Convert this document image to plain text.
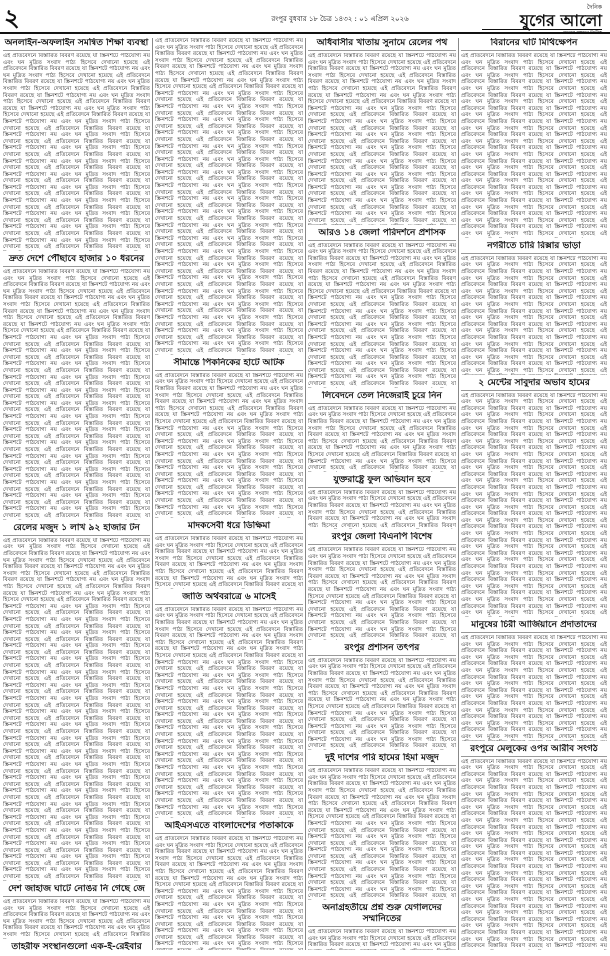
২	রংপুর বুধবার ১৮ চৈত্র ১৪৩২ : ০১ এপ্রিল ২০২৬
দৈনিক
যুগের আলো
সত্যের সন্ধানে নির্ভীক
অনলাইন-অফলাইন সমন্বিত শিক্ষা ব্যবস্থা
এই প্রতিবেদনে বিস্তারিত বিবরণ রয়েছে যা স্ক্রিনশটে পাঠযোগ্য নয় এবং ঘন মুদ্রিত সংবাদ পাঠ্য হিসেবে দেখানো হয়েছে এই প্রতিবেদনে বিস্তারিত বিবরণ রয়েছে যা স্ক্রিনশটে পাঠযোগ্য নয় এবং ঘন মুদ্রিত সংবাদ পাঠ্য হিসেবে দেখানো হয়েছে এই প্রতিবেদনে বিস্তারিত বিবরণ রয়েছে যা স্ক্রিনশটে পাঠযোগ্য নয় এবং ঘন মুদ্রিত সংবাদ পাঠ্য হিসেবে দেখানো হয়েছে এই প্রতিবেদনে বিস্তারিত বিবরণ রয়েছে যা স্ক্রিনশটে পাঠযোগ্য নয় এবং ঘন মুদ্রিত সংবাদ পাঠ্য হিসেবে দেখানো হয়েছে এই প্রতিবেদনে বিস্তারিত বিবরণ রয়েছে যা স্ক্রিনশটে পাঠযোগ্য নয় এবং ঘন মুদ্রিত সংবাদ পাঠ্য হিসেবে দেখানো হয়েছে এই প্রতিবেদনে বিস্তারিত বিবরণ রয়েছে যা স্ক্রিনশটে পাঠযোগ্য নয় এবং ঘন মুদ্রিত সংবাদ পাঠ্য হিসেবে দেখানো হয়েছে এই প্রতিবেদনে বিস্তারিত বিবরণ রয়েছে যা স্ক্রিনশটে পাঠযোগ্য নয় এবং ঘন মুদ্রিত সংবাদ পাঠ্য হিসেবে দেখানো হয়েছে এই প্রতিবেদনে বিস্তারিত বিবরণ রয়েছে যা স্ক্রিনশটে পাঠযোগ্য নয় এবং ঘন মুদ্রিত সংবাদ পাঠ্য হিসেবে দেখানো হয়েছে এই প্রতিবেদনে বিস্তারিত বিবরণ রয়েছে যা স্ক্রিনশটে পাঠযোগ্য নয় এবং ঘন মুদ্রিত সংবাদ পাঠ্য হিসেবে দেখানো হয়েছে এই প্রতিবেদনে বিস্তারিত বিবরণ রয়েছে যা স্ক্রিনশটে পাঠযোগ্য নয় এবং ঘন মুদ্রিত সংবাদ পাঠ্য হিসেবে দেখানো হয়েছে এই প্রতিবেদনে বিস্তারিত বিবরণ রয়েছে যা স্ক্রিনশটে পাঠযোগ্য নয় এবং ঘন মুদ্রিত সংবাদ পাঠ্য হিসেবে দেখানো হয়েছে এই প্রতিবেদনে বিস্তারিত বিবরণ রয়েছে যা স্ক্রিনশটে পাঠযোগ্য নয় এবং ঘন মুদ্রিত সংবাদ পাঠ্য হিসেবে দেখানো হয়েছে এই প্রতিবেদনে বিস্তারিত বিবরণ রয়েছে যা স্ক্রিনশটে পাঠযোগ্য নয় এবং ঘন মুদ্রিত সংবাদ পাঠ্য হিসেবে দেখানো হয়েছে এই প্রতিবেদনে বিস্তারিত বিবরণ রয়েছে যা স্ক্রিনশটে পাঠযোগ্য নয় এবং ঘন মুদ্রিত সংবাদ পাঠ্য হিসেবে দেখানো হয়েছে এই প্রতিবেদনে বিস্তারিত বিবরণ রয়েছে যা স্ক্রিনশটে পাঠযোগ্য নয় এবং ঘন মুদ্রিত সংবাদ পাঠ্য হিসেবে দেখানো হয়েছে এই প্রতিবেদনে বিস্তারিত বিবরণ রয়েছে যা
দ্রুত দেশে পৌঁছাবে হাজার ১০ ধরনের
এই প্রতিবেদনে বিস্তারিত বিবরণ রয়েছে যা স্ক্রিনশটে পাঠযোগ্য নয় এবং ঘন মুদ্রিত সংবাদ পাঠ্য হিসেবে দেখানো হয়েছে এই প্রতিবেদনে বিস্তারিত বিবরণ রয়েছে যা স্ক্রিনশটে পাঠযোগ্য নয় এবং ঘন মুদ্রিত সংবাদ পাঠ্য হিসেবে দেখানো হয়েছে এই প্রতিবেদনে বিস্তারিত বিবরণ রয়েছে যা স্ক্রিনশটে পাঠযোগ্য নয় এবং ঘন মুদ্রিত সংবাদ পাঠ্য হিসেবে দেখানো হয়েছে এই প্রতিবেদনে বিস্তারিত বিবরণ রয়েছে যা স্ক্রিনশটে পাঠযোগ্য নয় এবং ঘন মুদ্রিত সংবাদ পাঠ্য হিসেবে দেখানো হয়েছে এই প্রতিবেদনে বিস্তারিত বিবরণ রয়েছে যা স্ক্রিনশটে পাঠযোগ্য নয় এবং ঘন মুদ্রিত সংবাদ পাঠ্য হিসেবে দেখানো হয়েছে এই প্রতিবেদনে বিস্তারিত বিবরণ রয়েছে যা স্ক্রিনশটে পাঠযোগ্য নয় এবং ঘন মুদ্রিত সংবাদ পাঠ্য হিসেবে দেখানো হয়েছে এই প্রতিবেদনে বিস্তারিত বিবরণ রয়েছে যা স্ক্রিনশটে পাঠযোগ্য নয় এবং ঘন মুদ্রিত সংবাদ পাঠ্য হিসেবে দেখানো হয়েছে এই প্রতিবেদনে বিস্তারিত বিবরণ রয়েছে যা স্ক্রিনশটে পাঠযোগ্য নয় এবং ঘন মুদ্রিত সংবাদ পাঠ্য হিসেবে দেখানো হয়েছে এই প্রতিবেদনে বিস্তারিত বিবরণ রয়েছে যা স্ক্রিনশটে পাঠযোগ্য নয় এবং ঘন মুদ্রিত সংবাদ পাঠ্য হিসেবে দেখানো হয়েছে এই প্রতিবেদনে বিস্তারিত বিবরণ রয়েছে যা স্ক্রিনশটে পাঠযোগ্য নয় এবং ঘন মুদ্রিত সংবাদ পাঠ্য হিসেবে দেখানো হয়েছে এই প্রতিবেদনে বিস্তারিত বিবরণ রয়েছে যা স্ক্রিনশটে পাঠযোগ্য নয় এবং ঘন মুদ্রিত সংবাদ পাঠ্য হিসেবে দেখানো হয়েছে এই প্রতিবেদনে বিস্তারিত বিবরণ রয়েছে যা স্ক্রিনশটে পাঠযোগ্য নয় এবং ঘন মুদ্রিত সংবাদ পাঠ্য হিসেবে দেখানো হয়েছে এই প্রতিবেদনে বিস্তারিত বিবরণ রয়েছে যা স্ক্রিনশটে পাঠযোগ্য নয় এবং ঘন মুদ্রিত সংবাদ পাঠ্য হিসেবে দেখানো হয়েছে এই প্রতিবেদনে বিস্তারিত বিবরণ রয়েছে যা স্ক্রিনশটে পাঠযোগ্য নয় এবং ঘন মুদ্রিত সংবাদ পাঠ্য হিসেবে দেখানো হয়েছে এই প্রতিবেদনে বিস্তারিত বিবরণ রয়েছে যা স্ক্রিনশটে পাঠযোগ্য নয় এবং ঘন মুদ্রিত সংবাদ পাঠ্য হিসেবে দেখানো হয়েছে এই প্রতিবেদনে বিস্তারিত বিবরণ রয়েছে যা স্ক্রিনশটে পাঠযোগ্য নয় এবং ঘন মুদ্রিত সংবাদ পাঠ্য হিসেবে দেখানো হয়েছে এই প্রতিবেদনে বিস্তারিত বিবরণ রয়েছে যা স্ক্রিনশটে পাঠযোগ্য নয় এবং ঘন মুদ্রিত সংবাদ পাঠ্য হিসেবে দেখানো হয়েছে এই প্রতিবেদনে বিস্তারিত বিবরণ রয়েছে যা স্ক্রিনশটে পাঠযোগ্য নয় এবং ঘন মুদ্রিত সংবাদ পাঠ্য হিসেবে দেখানো হয়েছে এই প্রতিবেদনে বিস্তারিত বিবরণ রয়েছে যা স্ক্রিনশটে পাঠযোগ্য নয় এবং ঘন মুদ্রিত সংবাদ পাঠ্য হিসেবে দেখানো হয়েছে এই প্রতিবেদনে বিস্তারিত বিবরণ রয়েছে যা
রেলের মজুদ ১ লাখ ৯২ হাজার টন
এই প্রতিবেদনে বিস্তারিত বিবরণ রয়েছে যা স্ক্রিনশটে পাঠযোগ্য নয় এবং ঘন মুদ্রিত সংবাদ পাঠ্য হিসেবে দেখানো হয়েছে এই প্রতিবেদনে বিস্তারিত বিবরণ রয়েছে যা স্ক্রিনশটে পাঠযোগ্য নয় এবং ঘন মুদ্রিত সংবাদ পাঠ্য হিসেবে দেখানো হয়েছে এই প্রতিবেদনে বিস্তারিত বিবরণ রয়েছে যা স্ক্রিনশটে পাঠযোগ্য নয় এবং ঘন মুদ্রিত সংবাদ পাঠ্য হিসেবে দেখানো হয়েছে এই প্রতিবেদনে বিস্তারিত বিবরণ রয়েছে যা স্ক্রিনশটে পাঠযোগ্য নয় এবং ঘন মুদ্রিত সংবাদ পাঠ্য হিসেবে দেখানো হয়েছে এই প্রতিবেদনে বিস্তারিত বিবরণ রয়েছে যা স্ক্রিনশটে পাঠযোগ্য নয় এবং ঘন মুদ্রিত সংবাদ পাঠ্য হিসেবে দেখানো হয়েছে এই প্রতিবেদনে বিস্তারিত বিবরণ রয়েছে যা স্ক্রিনশটে পাঠযোগ্য নয় এবং ঘন মুদ্রিত সংবাদ পাঠ্য হিসেবে দেখানো হয়েছে এই প্রতিবেদনে বিস্তারিত বিবরণ রয়েছে যা স্ক্রিনশটে পাঠযোগ্য নয় এবং ঘন মুদ্রিত সংবাদ পাঠ্য হিসেবে দেখানো হয়েছে এই প্রতিবেদনে বিস্তারিত বিবরণ রয়েছে যা স্ক্রিনশটে পাঠযোগ্য নয় এবং ঘন মুদ্রিত সংবাদ পাঠ্য হিসেবে দেখানো হয়েছে এই প্রতিবেদনে বিস্তারিত বিবরণ রয়েছে যা স্ক্রিনশটে পাঠযোগ্য নয় এবং ঘন মুদ্রিত সংবাদ পাঠ্য হিসেবে দেখানো হয়েছে এই প্রতিবেদনে বিস্তারিত বিবরণ রয়েছে যা স্ক্রিনশটে পাঠযোগ্য নয় এবং ঘন মুদ্রিত সংবাদ পাঠ্য হিসেবে দেখানো হয়েছে এই প্রতিবেদনে বিস্তারিত বিবরণ রয়েছে যা স্ক্রিনশটে পাঠযোগ্য নয় এবং ঘন মুদ্রিত সংবাদ পাঠ্য হিসেবে দেখানো হয়েছে এই প্রতিবেদনে বিস্তারিত বিবরণ রয়েছে যা স্ক্রিনশটে পাঠযোগ্য নয় এবং ঘন মুদ্রিত সংবাদ পাঠ্য হিসেবে দেখানো হয়েছে এই প্রতিবেদনে বিস্তারিত বিবরণ রয়েছে যা স্ক্রিনশটে পাঠযোগ্য নয় এবং ঘন মুদ্রিত সংবাদ পাঠ্য হিসেবে দেখানো হয়েছে এই প্রতিবেদনে বিস্তারিত বিবরণ রয়েছে যা স্ক্রিনশটে পাঠযোগ্য নয় এবং ঘন মুদ্রিত সংবাদ পাঠ্য হিসেবে দেখানো হয়েছে এই প্রতিবেদনে বিস্তারিত বিবরণ রয়েছে যা স্ক্রিনশটে পাঠযোগ্য নয় এবং ঘন মুদ্রিত সংবাদ পাঠ্য হিসেবে দেখানো হয়েছে এই প্রতিবেদনে বিস্তারিত বিবরণ রয়েছে যা স্ক্রিনশটে পাঠযোগ্য নয় এবং ঘন মুদ্রিত সংবাদ পাঠ্য হিসেবে দেখানো হয়েছে এই প্রতিবেদনে বিস্তারিত বিবরণ রয়েছে যা স্ক্রিনশটে পাঠযোগ্য নয় এবং ঘন মুদ্রিত সংবাদ পাঠ্য হিসেবে দেখানো হয়েছে এই প্রতিবেদনে বিস্তারিত বিবরণ রয়েছে যা স্ক্রিনশটে পাঠযোগ্য নয় এবং ঘন মুদ্রিত সংবাদ পাঠ্য হিসেবে দেখানো হয়েছে এই প্রতিবেদনে বিস্তারিত বিবরণ রয়েছে যা স্ক্রিনশটে পাঠযোগ্য নয় এবং ঘন মুদ্রিত সংবাদ পাঠ্য হিসেবে দেখানো হয়েছে এই প্রতিবেদনে বিস্তারিত বিবরণ রয়েছে যা স্ক্রিনশটে পাঠযোগ্য নয় এবং ঘন মুদ্রিত সংবাদ পাঠ্য হিসেবে দেখানো হয়েছে এই প্রতিবেদনে বিস্তারিত বিবরণ রয়েছে যা স্ক্রিনশটে পাঠযোগ্য নয় এবং ঘন মুদ্রিত সংবাদ পাঠ্য হিসেবে দেখানো হয়েছে এই প্রতিবেদনে বিস্তারিত বিবরণ রয়েছে যা স্ক্রিনশটে পাঠযোগ্য নয় এবং ঘন মুদ্রিত সংবাদ পাঠ্য হিসেবে দেখানো হয়েছে এই প্রতিবেদনে বিস্তারিত বিবরণ রয়েছে যা স্ক্রিনশটে পাঠযোগ্য নয় এবং ঘন মুদ্রিত সংবাদ পাঠ্য হিসেবে দেখানো হয়েছে এই প্রতিবেদনে বিস্তারিত বিবরণ রয়েছে যা স্ক্রিনশটে পাঠযোগ্য নয় এবং ঘন মুদ্রিত সংবাদ পাঠ্য হিসেবে দেখানো হয়েছে এই প্রতিবেদনে বিস্তারিত বিবরণ রয়েছে যা স্ক্রিনশটে পাঠযোগ্য নয় এবং ঘন মুদ্রিত সংবাদ পাঠ্য হিসেবে দেখানো হয়েছে এই প্রতিবেদনে বিস্তারিত বিবরণ রয়েছে যা স্ক্রিনশটে পাঠযোগ্য নয় এবং ঘন মুদ্রিত সংবাদ পাঠ্য হিসেবে দেখানো হয়েছে এই প্রতিবেদনে বিস্তারিত বিবরণ রয়েছে যা
দেশ জাহাজ ঘাটে নোঙর নি গেছে জে
এই প্রতিবেদনে বিস্তারিত বিবরণ রয়েছে যা স্ক্রিনশটে পাঠযোগ্য নয় এবং ঘন মুদ্রিত সংবাদ পাঠ্য হিসেবে দেখানো হয়েছে এই প্রতিবেদনে বিস্তারিত বিবরণ রয়েছে যা স্ক্রিনশটে পাঠযোগ্য নয় এবং ঘন মুদ্রিত সংবাদ পাঠ্য হিসেবে দেখানো হয়েছে এই প্রতিবেদনে বিস্তারিত বিবরণ রয়েছে যা স্ক্রিনশটে পাঠযোগ্য নয় এবং ঘন মুদ্রিত সংবাদ পাঠ্য হিসেবে দেখানো হয়েছে এই প্রতিবেদনে বিস্তারিত
তাহরীফ সংস্থানগুলো এক-ই-রেইবার
এই প্রতিবেদনে বিস্তারিত বিবরণ রয়েছে যা স্ক্রিনশটে পাঠযোগ্য নয় এবং ঘন মুদ্রিত সংবাদ পাঠ্য হিসেবে দেখানো হয়েছে এই প্রতিবেদনে বিস্তারিত বিবরণ রয়েছে যা স্ক্রিনশটে পাঠযোগ্য নয় এবং ঘন মুদ্রিত সংবাদ পাঠ্য হিসেবে দেখানো হয়েছে এই প্রতিবেদনে বিস্তারিত বিবরণ রয়েছে যা স্ক্রিনশটে পাঠযোগ্য নয় এবং ঘন মুদ্রিত সংবাদ পাঠ্য হিসেবে দেখানো হয়েছে এই প্রতিবেদনে বিস্তারিত বিবরণ রয়েছে যা স্ক্রিনশটে পাঠযোগ্য নয় এবং ঘন মুদ্রিত সংবাদ পাঠ্য হিসেবে দেখানো হয়েছে এই প্রতিবেদনে বিস্তারিত বিবরণ রয়েছে যা স্ক্রিনশটে পাঠযোগ্য নয় এবং ঘন মুদ্রিত সংবাদ পাঠ্য হিসেবে দেখানো হয়েছে এই প্রতিবেদনে বিস্তারিত বিবরণ রয়েছে যা স্ক্রিনশটে পাঠযোগ্য নয় এবং ঘন মুদ্রিত সংবাদ পাঠ্য হিসেবে দেখানো হয়েছে এই প্রতিবেদনে বিস্তারিত বিবরণ রয়েছে যা স্ক্রিনশটে পাঠযোগ্য নয় এবং ঘন মুদ্রিত সংবাদ পাঠ্য হিসেবে দেখানো হয়েছে এই প্রতিবেদনে বিস্তারিত বিবরণ রয়েছে যা স্ক্রিনশটে পাঠযোগ্য নয় এবং ঘন মুদ্রিত সংবাদ পাঠ্য হিসেবে দেখানো হয়েছে এই প্রতিবেদনে বিস্তারিত বিবরণ রয়েছে যা স্ক্রিনশটে পাঠযোগ্য নয় এবং ঘন মুদ্রিত সংবাদ পাঠ্য হিসেবে দেখানো হয়েছে এই প্রতিবেদনে বিস্তারিত বিবরণ রয়েছে যা স্ক্রিনশটে পাঠযোগ্য নয় এবং ঘন মুদ্রিত সংবাদ পাঠ্য হিসেবে দেখানো হয়েছে এই প্রতিবেদনে বিস্তারিত বিবরণ রয়েছে যা স্ক্রিনশটে পাঠযোগ্য নয় এবং ঘন মুদ্রিত সংবাদ পাঠ্য হিসেবে দেখানো হয়েছে এই প্রতিবেদনে বিস্তারিত বিবরণ রয়েছে যা স্ক্রিনশটে পাঠযোগ্য নয় এবং ঘন মুদ্রিত সংবাদ পাঠ্য হিসেবে দেখানো হয়েছে এই প্রতিবেদনে বিস্তারিত বিবরণ রয়েছে যা স্ক্রিনশটে পাঠযোগ্য নয় এবং ঘন মুদ্রিত সংবাদ পাঠ্য হিসেবে দেখানো হয়েছে এই প্রতিবেদনে বিস্তারিত বিবরণ রয়েছে যা স্ক্রিনশটে পাঠযোগ্য নয় এবং ঘন মুদ্রিত সংবাদ পাঠ্য হিসেবে দেখানো হয়েছে এই প্রতিবেদনে বিস্তারিত বিবরণ রয়েছে যা স্ক্রিনশটে পাঠযোগ্য নয় এবং ঘন মুদ্রিত সংবাদ পাঠ্য হিসেবে দেখানো হয়েছে এই প্রতিবেদনে বিস্তারিত বিবরণ রয়েছে যা স্ক্রিনশটে পাঠযোগ্য নয় এবং ঘন মুদ্রিত সংবাদ পাঠ্য হিসেবে দেখানো হয়েছে এই প্রতিবেদনে বিস্তারিত বিবরণ রয়েছে যা স্ক্রিনশটে পাঠযোগ্য নয় এবং ঘন মুদ্রিত সংবাদ পাঠ্য হিসেবে দেখানো হয়েছে এই প্রতিবেদনে বিস্তারিত বিবরণ রয়েছে যা স্ক্রিনশটে পাঠযোগ্য নয় এবং ঘন মুদ্রিত সংবাদ পাঠ্য হিসেবে দেখানো হয়েছে এই প্রতিবেদনে বিস্তারিত বিবরণ রয়েছে যা স্ক্রিনশটে পাঠযোগ্য নয় এবং ঘন মুদ্রিত সংবাদ পাঠ্য হিসেবে দেখানো হয়েছে এই প্রতিবেদনে বিস্তারিত বিবরণ রয়েছে যা স্ক্রিনশটে পাঠযোগ্য নয় এবং ঘন মুদ্রিত সংবাদ পাঠ্য হিসেবে দেখানো হয়েছে এই প্রতিবেদনে বিস্তারিত বিবরণ রয়েছে যা স্ক্রিনশটে পাঠযোগ্য নয় এবং ঘন মুদ্রিত সংবাদ পাঠ্য হিসেবে দেখানো হয়েছে এই প্রতিবেদনে বিস্তারিত বিবরণ রয়েছে যা স্ক্রিনশটে পাঠযোগ্য নয় এবং ঘন মুদ্রিত সংবাদ পাঠ্য হিসেবে দেখানো হয়েছে এই প্রতিবেদনে বিস্তারিত বিবরণ রয়েছে যা স্ক্রিনশটে পাঠযোগ্য নয় এবং ঘন মুদ্রিত সংবাদ পাঠ্য হিসেবে দেখানো হয়েছে এই প্রতিবেদনে বিস্তারিত বিবরণ রয়েছে যা স্ক্রিনশটে পাঠযোগ্য নয় এবং ঘন মুদ্রিত সংবাদ পাঠ্য হিসেবে দেখানো হয়েছে এই প্রতিবেদনে বিস্তারিত বিবরণ রয়েছে যা
সীমান্তে পিকনিকের হাটে আটক
এই প্রতিবেদনে বিস্তারিত বিবরণ রয়েছে যা স্ক্রিনশটে পাঠযোগ্য নয় এবং ঘন মুদ্রিত সংবাদ পাঠ্য হিসেবে দেখানো হয়েছে এই প্রতিবেদনে বিস্তারিত বিবরণ রয়েছে যা স্ক্রিনশটে পাঠযোগ্য নয় এবং ঘন মুদ্রিত সংবাদ পাঠ্য হিসেবে দেখানো হয়েছে এই প্রতিবেদনে বিস্তারিত বিবরণ রয়েছে যা স্ক্রিনশটে পাঠযোগ্য নয় এবং ঘন মুদ্রিত সংবাদ পাঠ্য হিসেবে দেখানো হয়েছে এই প্রতিবেদনে বিস্তারিত বিবরণ রয়েছে যা স্ক্রিনশটে পাঠযোগ্য নয় এবং ঘন মুদ্রিত সংবাদ পাঠ্য হিসেবে দেখানো হয়েছে এই প্রতিবেদনে বিস্তারিত বিবরণ রয়েছে যা স্ক্রিনশটে পাঠযোগ্য নয় এবং ঘন মুদ্রিত সংবাদ পাঠ্য হিসেবে দেখানো হয়েছে এই প্রতিবেদনে বিস্তারিত বিবরণ রয়েছে যা স্ক্রিনশটে পাঠযোগ্য নয় এবং ঘন মুদ্রিত সংবাদ পাঠ্য হিসেবে দেখানো হয়েছে এই প্রতিবেদনে বিস্তারিত বিবরণ রয়েছে যা স্ক্রিনশটে পাঠযোগ্য নয় এবং ঘন মুদ্রিত সংবাদ পাঠ্য হিসেবে দেখানো হয়েছে এই প্রতিবেদনে বিস্তারিত বিবরণ রয়েছে যা স্ক্রিনশটে পাঠযোগ্য নয় এবং ঘন মুদ্রিত সংবাদ পাঠ্য হিসেবে দেখানো হয়েছে এই প্রতিবেদনে বিস্তারিত বিবরণ রয়েছে যা স্ক্রিনশটে পাঠযোগ্য নয় এবং ঘন মুদ্রিত সংবাদ পাঠ্য হিসেবে দেখানো হয়েছে এই প্রতিবেদনে বিস্তারিত বিবরণ রয়েছে যা স্ক্রিনশটে পাঠযোগ্য নয় এবং ঘন মুদ্রিত সংবাদ পাঠ্য হিসেবে দেখানো হয়েছে এই প্রতিবেদনে বিস্তারিত বিবরণ রয়েছে যা স্ক্রিনশটে পাঠযোগ্য নয় এবং ঘন মুদ্রিত সংবাদ পাঠ্য হিসেবে দেখানো হয়েছে এই প্রতিবেদনে বিস্তারিত বিবরণ রয়েছে যা
মাদকসেবী ধরে ডিক্ষিমা
এই প্রতিবেদনে বিস্তারিত বিবরণ রয়েছে যা স্ক্রিনশটে পাঠযোগ্য নয় এবং ঘন মুদ্রিত সংবাদ পাঠ্য হিসেবে দেখানো হয়েছে এই প্রতিবেদনে বিস্তারিত বিবরণ রয়েছে যা স্ক্রিনশটে পাঠযোগ্য নয় এবং ঘন মুদ্রিত সংবাদ পাঠ্য হিসেবে দেখানো হয়েছে এই প্রতিবেদনে বিস্তারিত বিবরণ রয়েছে যা স্ক্রিনশটে পাঠযোগ্য নয় এবং ঘন মুদ্রিত সংবাদ পাঠ্য হিসেবে দেখানো হয়েছে এই প্রতিবেদনে বিস্তারিত বিবরণ রয়েছে যা স্ক্রিনশটে পাঠযোগ্য নয় এবং ঘন মুদ্রিত সংবাদ পাঠ্য হিসেবে দেখানো হয়েছে এই প্রতিবেদনে বিস্তারিত বিবরণ রয়েছে যা
জাতি অর্থবরাত্রে ৬ মাসেই
এই প্রতিবেদনে বিস্তারিত বিবরণ রয়েছে যা স্ক্রিনশটে পাঠযোগ্য নয় এবং ঘন মুদ্রিত সংবাদ পাঠ্য হিসেবে দেখানো হয়েছে এই প্রতিবেদনে বিস্তারিত বিবরণ রয়েছে যা স্ক্রিনশটে পাঠযোগ্য নয় এবং ঘন মুদ্রিত সংবাদ পাঠ্য হিসেবে দেখানো হয়েছে এই প্রতিবেদনে বিস্তারিত বিবরণ রয়েছে যা স্ক্রিনশটে পাঠযোগ্য নয় এবং ঘন মুদ্রিত সংবাদ পাঠ্য হিসেবে দেখানো হয়েছে এই প্রতিবেদনে বিস্তারিত বিবরণ রয়েছে যা স্ক্রিনশটে পাঠযোগ্য নয় এবং ঘন মুদ্রিত সংবাদ পাঠ্য হিসেবে দেখানো হয়েছে এই প্রতিবেদনে বিস্তারিত বিবরণ রয়েছে যা স্ক্রিনশটে পাঠযোগ্য নয় এবং ঘন মুদ্রিত সংবাদ পাঠ্য হিসেবে দেখানো হয়েছে এই প্রতিবেদনে বিস্তারিত বিবরণ রয়েছে যা স্ক্রিনশটে পাঠযোগ্য নয় এবং ঘন মুদ্রিত সংবাদ পাঠ্য হিসেবে দেখানো হয়েছে এই প্রতিবেদনে বিস্তারিত বিবরণ রয়েছে যা স্ক্রিনশটে পাঠযোগ্য নয় এবং ঘন মুদ্রিত সংবাদ পাঠ্য হিসেবে দেখানো হয়েছে এই প্রতিবেদনে বিস্তারিত বিবরণ রয়েছে যা স্ক্রিনশটে পাঠযোগ্য নয় এবং ঘন মুদ্রিত সংবাদ পাঠ্য হিসেবে দেখানো হয়েছে এই প্রতিবেদনে বিস্তারিত বিবরণ রয়েছে যা স্ক্রিনশটে পাঠযোগ্য নয় এবং ঘন মুদ্রিত সংবাদ পাঠ্য হিসেবে দেখানো হয়েছে এই প্রতিবেদনে বিস্তারিত বিবরণ রয়েছে যা স্ক্রিনশটে পাঠযোগ্য নয় এবং ঘন মুদ্রিত সংবাদ পাঠ্য হিসেবে দেখানো হয়েছে এই প্রতিবেদনে বিস্তারিত বিবরণ রয়েছে যা স্ক্রিনশটে পাঠযোগ্য নয় এবং ঘন মুদ্রিত সংবাদ পাঠ্য হিসেবে দেখানো হয়েছে এই প্রতিবেদনে বিস্তারিত বিবরণ রয়েছে যা স্ক্রিনশটে পাঠযোগ্য নয় এবং ঘন মুদ্রিত সংবাদ পাঠ্য হিসেবে দেখানো হয়েছে এই প্রতিবেদনে বিস্তারিত বিবরণ রয়েছে যা স্ক্রিনশটে পাঠযোগ্য নয় এবং ঘন মুদ্রিত সংবাদ পাঠ্য হিসেবে দেখানো হয়েছে এই প্রতিবেদনে বিস্তারিত বিবরণ রয়েছে যা স্ক্রিনশটে পাঠযোগ্য নয় এবং ঘন মুদ্রিত সংবাদ পাঠ্য হিসেবে দেখানো হয়েছে এই প্রতিবেদনে বিস্তারিত বিবরণ রয়েছে যা স্ক্রিনশটে পাঠযোগ্য নয় এবং ঘন মুদ্রিত সংবাদ পাঠ্য হিসেবে দেখানো হয়েছে এই প্রতিবেদনে বিস্তারিত বিবরণ রয়েছে যা স্ক্রিনশটে পাঠযোগ্য নয় এবং ঘন মুদ্রিত সংবাদ পাঠ্য হিসেবে দেখানো হয়েছে এই প্রতিবেদনে বিস্তারিত বিবরণ রয়েছে যা
আইএসএতে বাংলাদেশের পতাকাকে
এই প্রতিবেদনে বিস্তারিত বিবরণ রয়েছে যা স্ক্রিনশটে পাঠযোগ্য নয় এবং ঘন মুদ্রিত সংবাদ পাঠ্য হিসেবে দেখানো হয়েছে এই প্রতিবেদনে বিস্তারিত বিবরণ রয়েছে যা স্ক্রিনশটে পাঠযোগ্য নয় এবং ঘন মুদ্রিত সংবাদ পাঠ্য হিসেবে দেখানো হয়েছে এই প্রতিবেদনে বিস্তারিত বিবরণ রয়েছে যা স্ক্রিনশটে পাঠযোগ্য নয় এবং ঘন মুদ্রিত সংবাদ পাঠ্য হিসেবে দেখানো হয়েছে এই প্রতিবেদনে বিস্তারিত বিবরণ রয়েছে যা স্ক্রিনশটে পাঠযোগ্য নয় এবং ঘন মুদ্রিত সংবাদ পাঠ্য হিসেবে দেখানো হয়েছে এই প্রতিবেদনে বিস্তারিত বিবরণ রয়েছে যা স্ক্রিনশটে পাঠযোগ্য নয় এবং ঘন মুদ্রিত সংবাদ পাঠ্য হিসেবে দেখানো হয়েছে এই প্রতিবেদনে বিস্তারিত বিবরণ রয়েছে যা স্ক্রিনশটে পাঠযোগ্য নয় এবং ঘন মুদ্রিত সংবাদ পাঠ্য হিসেবে দেখানো হয়েছে এই প্রতিবেদনে বিস্তারিত বিবরণ রয়েছে যা স্ক্রিনশটে পাঠযোগ্য নয় এবং ঘন মুদ্রিত সংবাদ পাঠ্য হিসেবে দেখানো হয়েছে এই প্রতিবেদনে বিস্তারিত বিবরণ রয়েছে যা স্ক্রিনশটে পাঠযোগ্য নয় এবং ঘন মুদ্রিত সংবাদ পাঠ্য হিসেবে দেখানো হয়েছে এই প্রতিবেদনে বিস্তারিত বিবরণ রয়েছে যা স্ক্রিনশটে পাঠযোগ্য নয় এবং ঘন মুদ্রিত সংবাদ পাঠ্য হিসেবে
অধিবাসীর খাতায় সুনামে রেলের পথ
এই প্রতিবেদনে বিস্তারিত বিবরণ রয়েছে যা স্ক্রিনশটে পাঠযোগ্য নয় এবং ঘন মুদ্রিত সংবাদ পাঠ্য হিসেবে দেখানো হয়েছে এই প্রতিবেদনে বিস্তারিত বিবরণ রয়েছে যা স্ক্রিনশটে পাঠযোগ্য নয় এবং ঘন মুদ্রিত সংবাদ পাঠ্য হিসেবে দেখানো হয়েছে এই প্রতিবেদনে বিস্তারিত বিবরণ রয়েছে যা স্ক্রিনশটে পাঠযোগ্য নয় এবং ঘন মুদ্রিত সংবাদ পাঠ্য হিসেবে দেখানো হয়েছে এই প্রতিবেদনে বিস্তারিত বিবরণ রয়েছে যা স্ক্রিনশটে পাঠযোগ্য নয় এবং ঘন মুদ্রিত সংবাদ পাঠ্য হিসেবে দেখানো হয়েছে এই প্রতিবেদনে বিস্তারিত বিবরণ রয়েছে যা স্ক্রিনশটে পাঠযোগ্য নয় এবং ঘন মুদ্রিত সংবাদ পাঠ্য হিসেবে দেখানো হয়েছে এই প্রতিবেদনে বিস্তারিত বিবরণ রয়েছে যা স্ক্রিনশটে পাঠযোগ্য নয় এবং ঘন মুদ্রিত সংবাদ পাঠ্য হিসেবে দেখানো হয়েছে এই প্রতিবেদনে বিস্তারিত বিবরণ রয়েছে যা স্ক্রিনশটে পাঠযোগ্য নয় এবং ঘন মুদ্রিত সংবাদ পাঠ্য হিসেবে দেখানো হয়েছে এই প্রতিবেদনে বিস্তারিত বিবরণ রয়েছে যা স্ক্রিনশটে পাঠযোগ্য নয় এবং ঘন মুদ্রিত সংবাদ পাঠ্য হিসেবে দেখানো হয়েছে এই প্রতিবেদনে বিস্তারিত বিবরণ রয়েছে যা স্ক্রিনশটে পাঠযোগ্য নয় এবং ঘন মুদ্রিত সংবাদ পাঠ্য হিসেবে দেখানো হয়েছে এই প্রতিবেদনে বিস্তারিত বিবরণ রয়েছে যা স্ক্রিনশটে পাঠযোগ্য নয় এবং ঘন মুদ্রিত সংবাদ পাঠ্য হিসেবে দেখানো হয়েছে এই প্রতিবেদনে বিস্তারিত বিবরণ রয়েছে যা স্ক্রিনশটে পাঠযোগ্য নয় এবং ঘন মুদ্রিত সংবাদ পাঠ্য হিসেবে দেখানো হয়েছে এই প্রতিবেদনে বিস্তারিত বিবরণ রয়েছে যা স্ক্রিনশটে পাঠযোগ্য নয় এবং ঘন মুদ্রিত সংবাদ পাঠ্য হিসেবে দেখানো হয়েছে এই প্রতিবেদনে বিস্তারিত বিবরণ রয়েছে যা স্ক্রিনশটে পাঠযোগ্য নয় এবং ঘন মুদ্রিত সংবাদ পাঠ্য হিসেবে দেখানো হয়েছে এই প্রতিবেদনে বিস্তারিত বিবরণ রয়েছে যা
আরও ১৪ জেলা পরিদর্শনে প্রশাসক
এই প্রতিবেদনে বিস্তারিত বিবরণ রয়েছে যা স্ক্রিনশটে পাঠযোগ্য নয় এবং ঘন মুদ্রিত সংবাদ পাঠ্য হিসেবে দেখানো হয়েছে এই প্রতিবেদনে বিস্তারিত বিবরণ রয়েছে যা স্ক্রিনশটে পাঠযোগ্য নয় এবং ঘন মুদ্রিত সংবাদ পাঠ্য হিসেবে দেখানো হয়েছে এই প্রতিবেদনে বিস্তারিত বিবরণ রয়েছে যা স্ক্রিনশটে পাঠযোগ্য নয় এবং ঘন মুদ্রিত সংবাদ পাঠ্য হিসেবে দেখানো হয়েছে এই প্রতিবেদনে বিস্তারিত বিবরণ রয়েছে যা স্ক্রিনশটে পাঠযোগ্য নয় এবং ঘন মুদ্রিত সংবাদ পাঠ্য হিসেবে দেখানো হয়েছে এই প্রতিবেদনে বিস্তারিত বিবরণ রয়েছে যা স্ক্রিনশটে পাঠযোগ্য নয় এবং ঘন মুদ্রিত সংবাদ পাঠ্য হিসেবে দেখানো হয়েছে এই প্রতিবেদনে বিস্তারিত বিবরণ রয়েছে যা স্ক্রিনশটে পাঠযোগ্য নয় এবং ঘন মুদ্রিত সংবাদ পাঠ্য হিসেবে দেখানো হয়েছে এই প্রতিবেদনে বিস্তারিত বিবরণ রয়েছে যা স্ক্রিনশটে পাঠযোগ্য নয় এবং ঘন মুদ্রিত সংবাদ পাঠ্য হিসেবে দেখানো হয়েছে এই প্রতিবেদনে বিস্তারিত বিবরণ রয়েছে যা স্ক্রিনশটে পাঠযোগ্য নয় এবং ঘন মুদ্রিত সংবাদ পাঠ্য হিসেবে দেখানো হয়েছে এই প্রতিবেদনে বিস্তারিত বিবরণ রয়েছে যা স্ক্রিনশটে পাঠযোগ্য নয় এবং ঘন মুদ্রিত সংবাদ পাঠ্য হিসেবে দেখানো হয়েছে এই প্রতিবেদনে বিস্তারিত বিবরণ রয়েছে যা স্ক্রিনশটে পাঠযোগ্য নয় এবং ঘন মুদ্রিত সংবাদ পাঠ্য হিসেবে দেখানো হয়েছে এই প্রতিবেদনে বিস্তারিত বিবরণ রয়েছে যা স্ক্রিনশটে পাঠযোগ্য নয় এবং ঘন মুদ্রিত সংবাদ পাঠ্য হিসেবে দেখানো হয়েছে এই প্রতিবেদনে বিস্তারিত বিবরণ রয়েছে যা
লিবেদনে তেল নিজেরাই চুরে নিন
এই প্রতিবেদনে বিস্তারিত বিবরণ রয়েছে যা স্ক্রিনশটে পাঠযোগ্য নয় এবং ঘন মুদ্রিত সংবাদ পাঠ্য হিসেবে দেখানো হয়েছে এই প্রতিবেদনে বিস্তারিত বিবরণ রয়েছে যা স্ক্রিনশটে পাঠযোগ্য নয় এবং ঘন মুদ্রিত সংবাদ পাঠ্য হিসেবে দেখানো হয়েছে এই প্রতিবেদনে বিস্তারিত বিবরণ রয়েছে যা স্ক্রিনশটে পাঠযোগ্য নয় এবং ঘন মুদ্রিত সংবাদ পাঠ্য হিসেবে দেখানো হয়েছে এই প্রতিবেদনে বিস্তারিত বিবরণ রয়েছে যা স্ক্রিনশটে পাঠযোগ্য নয় এবং ঘন মুদ্রিত সংবাদ পাঠ্য হিসেবে দেখানো হয়েছে এই প্রতিবেদনে বিস্তারিত বিবরণ রয়েছে যা স্ক্রিনশটে পাঠযোগ্য নয় এবং ঘন মুদ্রিত সংবাদ পাঠ্য হিসেবে দেখানো হয়েছে এই প্রতিবেদনে বিস্তারিত বিবরণ রয়েছে যা
যুক্তরাষ্ট্রে ফুল অভিযান হবে
এই প্রতিবেদনে বিস্তারিত বিবরণ রয়েছে যা স্ক্রিনশটে পাঠযোগ্য নয় এবং ঘন মুদ্রিত সংবাদ পাঠ্য হিসেবে দেখানো হয়েছে এই প্রতিবেদনে বিস্তারিত বিবরণ রয়েছে যা স্ক্রিনশটে পাঠযোগ্য নয় এবং ঘন মুদ্রিত সংবাদ পাঠ্য হিসেবে দেখানো হয়েছে এই প্রতিবেদনে বিস্তারিত বিবরণ রয়েছে যা স্ক্রিনশটে পাঠযোগ্য নয় এবং ঘন মুদ্রিত সংবাদ পাঠ্য হিসেবে দেখানো হয়েছে এই প্রতিবেদনে বিস্তারিত বিবরণ
রংপুর জেলা বিএনপি বিশেষ
এই প্রতিবেদনে বিস্তারিত বিবরণ রয়েছে যা স্ক্রিনশটে পাঠযোগ্য নয় এবং ঘন মুদ্রিত সংবাদ পাঠ্য হিসেবে দেখানো হয়েছে এই প্রতিবেদনে বিস্তারিত বিবরণ রয়েছে যা স্ক্রিনশটে পাঠযোগ্য নয় এবং ঘন মুদ্রিত সংবাদ পাঠ্য হিসেবে দেখানো হয়েছে এই প্রতিবেদনে বিস্তারিত বিবরণ রয়েছে যা স্ক্রিনশটে পাঠযোগ্য নয় এবং ঘন মুদ্রিত সংবাদ পাঠ্য হিসেবে দেখানো হয়েছে এই প্রতিবেদনে বিস্তারিত বিবরণ রয়েছে যা স্ক্রিনশটে পাঠযোগ্য নয় এবং ঘন মুদ্রিত সংবাদ পাঠ্য হিসেবে দেখানো হয়েছে এই প্রতিবেদনে বিস্তারিত বিবরণ রয়েছে যা স্ক্রিনশটে পাঠযোগ্য নয় এবং ঘন মুদ্রিত সংবাদ পাঠ্য হিসেবে দেখানো হয়েছে এই প্রতিবেদনে বিস্তারিত বিবরণ রয়েছে যা স্ক্রিনশটে পাঠযোগ্য নয় এবং ঘন মুদ্রিত সংবাদ পাঠ্য হিসেবে দেখানো হয়েছে এই প্রতিবেদনে বিস্তারিত বিবরণ রয়েছে যা স্ক্রিনশটে পাঠযোগ্য নয় এবং ঘন মুদ্রিত সংবাদ পাঠ্য হিসেবে দেখানো হয়েছে এই প্রতিবেদনে বিস্তারিত বিবরণ রয়েছে যা
রংপুর প্রশাসন তৎপর
এই প্রতিবেদনে বিস্তারিত বিবরণ রয়েছে যা স্ক্রিনশটে পাঠযোগ্য নয় এবং ঘন মুদ্রিত সংবাদ পাঠ্য হিসেবে দেখানো হয়েছে এই প্রতিবেদনে বিস্তারিত বিবরণ রয়েছে যা স্ক্রিনশটে পাঠযোগ্য নয় এবং ঘন মুদ্রিত সংবাদ পাঠ্য হিসেবে দেখানো হয়েছে এই প্রতিবেদনে বিস্তারিত বিবরণ রয়েছে যা স্ক্রিনশটে পাঠযোগ্য নয় এবং ঘন মুদ্রিত সংবাদ পাঠ্য হিসেবে দেখানো হয়েছে এই প্রতিবেদনে বিস্তারিত বিবরণ রয়েছে যা স্ক্রিনশটে পাঠযোগ্য নয় এবং ঘন মুদ্রিত সংবাদ পাঠ্য হিসেবে দেখানো হয়েছে এই প্রতিবেদনে বিস্তারিত বিবরণ রয়েছে যা স্ক্রিনশটে পাঠযোগ্য নয় এবং ঘন মুদ্রিত সংবাদ পাঠ্য হিসেবে দেখানো হয়েছে এই প্রতিবেদনে বিস্তারিত বিবরণ রয়েছে যা স্ক্রিনশটে পাঠযোগ্য নয় এবং ঘন মুদ্রিত সংবাদ পাঠ্য হিসেবে দেখানো হয়েছে এই প্রতিবেদনে বিস্তারিত বিবরণ রয়েছে যা স্ক্রিনশটে পাঠযোগ্য নয় এবং ঘন মুদ্রিত সংবাদ পাঠ্য হিসেবে দেখানো হয়েছে এই প্রতিবেদনে বিস্তারিত বিবরণ রয়েছে যা
দুই দাশের পরি হামের হিমা মজুদ
এই প্রতিবেদনে বিস্তারিত বিবরণ রয়েছে যা স্ক্রিনশটে পাঠযোগ্য নয় এবং ঘন মুদ্রিত সংবাদ পাঠ্য হিসেবে দেখানো হয়েছে এই প্রতিবেদনে বিস্তারিত বিবরণ রয়েছে যা স্ক্রিনশটে পাঠযোগ্য নয় এবং ঘন মুদ্রিত সংবাদ পাঠ্য হিসেবে দেখানো হয়েছে এই প্রতিবেদনে বিস্তারিত বিবরণ রয়েছে যা স্ক্রিনশটে পাঠযোগ্য নয় এবং ঘন মুদ্রিত সংবাদ পাঠ্য হিসেবে দেখানো হয়েছে এই প্রতিবেদনে বিস্তারিত বিবরণ রয়েছে যা স্ক্রিনশটে পাঠযোগ্য নয় এবং ঘন মুদ্রিত সংবাদ পাঠ্য হিসেবে দেখানো হয়েছে এই প্রতিবেদনে বিস্তারিত বিবরণ রয়েছে যা স্ক্রিনশটে পাঠযোগ্য নয় এবং ঘন মুদ্রিত সংবাদ পাঠ্য হিসেবে দেখানো হয়েছে এই প্রতিবেদনে বিস্তারিত বিবরণ রয়েছে যা স্ক্রিনশটে পাঠযোগ্য নয় এবং ঘন মুদ্রিত সংবাদ পাঠ্য হিসেবে দেখানো হয়েছে এই প্রতিবেদনে বিস্তারিত বিবরণ রয়েছে যা স্ক্রিনশটে পাঠযোগ্য নয় এবং ঘন মুদ্রিত সংবাদ পাঠ্য হিসেবে দেখানো হয়েছে এই প্রতিবেদনে বিস্তারিত বিবরণ রয়েছে যা স্ক্রিনশটে পাঠযোগ্য নয় এবং ঘন মুদ্রিত সংবাদ পাঠ্য হিসেবে দেখানো হয়েছে এই প্রতিবেদনে বিস্তারিত বিবরণ রয়েছে যা স্ক্রিনশটে পাঠযোগ্য নয় এবং ঘন মুদ্রিত সংবাদ পাঠ্য হিসেবে দেখানো হয়েছে এই প্রতিবেদনে বিস্তারিত বিবরণ রয়েছে যা স্ক্রিনশটে পাঠযোগ্য নয় এবং ঘন মুদ্রিত সংবাদ পাঠ্য হিসেবে দেখানো হয়েছে এই প্রতিবেদনে বিস্তারিত বিবরণ রয়েছে যা
অনাগ্রহতীয়ে প্রশ্ন শুরু যেগালদের সম্মানিতের
এই প্রতিবেদনে বিস্তারিত বিবরণ রয়েছে যা স্ক্রিনশটে পাঠযোগ্য নয় এবং ঘন মুদ্রিত সংবাদ পাঠ্য হিসেবে দেখানো হয়েছে এই প্রতিবেদনে বিস্তারিত বিবরণ রয়েছে যা স্ক্রিনশটে পাঠযোগ্য নয় এবং ঘন মুদ্রিত
বিরানের ঘটি মিথিক্ষেপন
এই প্রতিবেদনে বিস্তারিত বিবরণ রয়েছে যা স্ক্রিনশটে পাঠযোগ্য নয় এবং ঘন মুদ্রিত সংবাদ পাঠ্য হিসেবে দেখানো হয়েছে এই প্রতিবেদনে বিস্তারিত বিবরণ রয়েছে যা স্ক্রিনশটে পাঠযোগ্য নয় এবং ঘন মুদ্রিত সংবাদ পাঠ্য হিসেবে দেখানো হয়েছে এই প্রতিবেদনে বিস্তারিত বিবরণ রয়েছে যা স্ক্রিনশটে পাঠযোগ্য নয় এবং ঘন মুদ্রিত সংবাদ পাঠ্য হিসেবে দেখানো হয়েছে এই প্রতিবেদনে বিস্তারিত বিবরণ রয়েছে যা স্ক্রিনশটে পাঠযোগ্য নয় এবং ঘন মুদ্রিত সংবাদ পাঠ্য হিসেবে দেখানো হয়েছে এই প্রতিবেদনে বিস্তারিত বিবরণ রয়েছে যা স্ক্রিনশটে পাঠযোগ্য নয় এবং ঘন মুদ্রিত সংবাদ পাঠ্য হিসেবে দেখানো হয়েছে এই প্রতিবেদনে বিস্তারিত বিবরণ রয়েছে যা স্ক্রিনশটে পাঠযোগ্য নয় এবং ঘন মুদ্রিত সংবাদ পাঠ্য হিসেবে দেখানো হয়েছে এই প্রতিবেদনে বিস্তারিত বিবরণ রয়েছে যা স্ক্রিনশটে পাঠযোগ্য নয় এবং ঘন মুদ্রিত সংবাদ পাঠ্য হিসেবে দেখানো হয়েছে এই প্রতিবেদনে বিস্তারিত বিবরণ রয়েছে যা স্ক্রিনশটে পাঠযোগ্য নয় এবং ঘন মুদ্রিত সংবাদ পাঠ্য হিসেবে দেখানো হয়েছে এই প্রতিবেদনে বিস্তারিত বিবরণ রয়েছে যা স্ক্রিনশটে পাঠযোগ্য নয় এবং ঘন মুদ্রিত সংবাদ পাঠ্য হিসেবে দেখানো হয়েছে এই প্রতিবেদনে বিস্তারিত বিবরণ রয়েছে যা স্ক্রিনশটে পাঠযোগ্য নয় এবং ঘন মুদ্রিত সংবাদ পাঠ্য হিসেবে দেখানো হয়েছে এই প্রতিবেদনে বিস্তারিত বিবরণ রয়েছে যা স্ক্রিনশটে পাঠযোগ্য নয় এবং ঘন মুদ্রিত সংবাদ পাঠ্য হিসেবে দেখানো হয়েছে এই প্রতিবেদনে বিস্তারিত বিবরণ রয়েছে যা স্ক্রিনশটে পাঠযোগ্য নয় এবং ঘন মুদ্রিত সংবাদ পাঠ্য হিসেবে দেখানো হয়েছে এই প্রতিবেদনে বিস্তারিত বিবরণ রয়েছে যা স্ক্রিনশটে পাঠযোগ্য নয় এবং ঘন মুদ্রিত সংবাদ পাঠ্য হিসেবে দেখানো হয়েছে এই প্রতিবেদনে বিস্তারিত বিবরণ রয়েছে যা স্ক্রিনশটে পাঠযোগ্য নয় এবং ঘন মুদ্রিত সংবাদ পাঠ্য হিসেবে দেখানো হয়েছে এই
নগরীতে চারি রিক্সার ভাড়া
এই প্রতিবেদনে বিস্তারিত বিবরণ রয়েছে যা স্ক্রিনশটে পাঠযোগ্য নয় এবং ঘন মুদ্রিত সংবাদ পাঠ্য হিসেবে দেখানো হয়েছে এই প্রতিবেদনে বিস্তারিত বিবরণ রয়েছে যা স্ক্রিনশটে পাঠযোগ্য নয় এবং ঘন মুদ্রিত সংবাদ পাঠ্য হিসেবে দেখানো হয়েছে এই প্রতিবেদনে বিস্তারিত বিবরণ রয়েছে যা স্ক্রিনশটে পাঠযোগ্য নয় এবং ঘন মুদ্রিত সংবাদ পাঠ্য হিসেবে দেখানো হয়েছে এই প্রতিবেদনে বিস্তারিত বিবরণ রয়েছে যা স্ক্রিনশটে পাঠযোগ্য নয় এবং ঘন মুদ্রিত সংবাদ পাঠ্য হিসেবে দেখানো হয়েছে এই প্রতিবেদনে বিস্তারিত বিবরণ রয়েছে যা স্ক্রিনশটে পাঠযোগ্য নয় এবং ঘন মুদ্রিত সংবাদ পাঠ্য হিসেবে দেখানো হয়েছে এই প্রতিবেদনে বিস্তারিত বিবরণ রয়েছে যা স্ক্রিনশটে পাঠযোগ্য নয় এবং ঘন মুদ্রিত সংবাদ পাঠ্য হিসেবে দেখানো হয়েছে এই প্রতিবেদনে বিস্তারিত বিবরণ রয়েছে যা স্ক্রিনশটে পাঠযোগ্য নয় এবং ঘন মুদ্রিত সংবাদ পাঠ্য হিসেবে দেখানো হয়েছে এই প্রতিবেদনে বিস্তারিত বিবরণ রয়েছে যা স্ক্রিনশটে পাঠযোগ্য নয় এবং ঘন মুদ্রিত সংবাদ পাঠ্য হিসেবে দেখানো হয়েছে এই প্রতিবেদনে বিস্তারিত বিবরণ রয়েছে যা স্ক্রিনশটে পাঠযোগ্য নয় এবং ঘন মুদ্রিত সংবাদ পাঠ্য হিসেবে দেখানো হয়েছে এই
২ মেন্টের সাবুদার অভাব হামের
এই প্রতিবেদনে বিস্তারিত বিবরণ রয়েছে যা স্ক্রিনশটে পাঠযোগ্য নয় এবং ঘন মুদ্রিত সংবাদ পাঠ্য হিসেবে দেখানো হয়েছে এই প্রতিবেদনে বিস্তারিত বিবরণ রয়েছে যা স্ক্রিনশটে পাঠযোগ্য নয় এবং ঘন মুদ্রিত সংবাদ পাঠ্য হিসেবে দেখানো হয়েছে এই প্রতিবেদনে বিস্তারিত বিবরণ রয়েছে যা স্ক্রিনশটে পাঠযোগ্য নয় এবং ঘন মুদ্রিত সংবাদ পাঠ্য হিসেবে দেখানো হয়েছে এই প্রতিবেদনে বিস্তারিত বিবরণ রয়েছে যা স্ক্রিনশটে পাঠযোগ্য নয় এবং ঘন মুদ্রিত সংবাদ পাঠ্য হিসেবে দেখানো হয়েছে এই প্রতিবেদনে বিস্তারিত বিবরণ রয়েছে যা স্ক্রিনশটে পাঠযোগ্য নয় এবং ঘন মুদ্রিত সংবাদ পাঠ্য হিসেবে দেখানো হয়েছে এই প্রতিবেদনে বিস্তারিত বিবরণ রয়েছে যা স্ক্রিনশটে পাঠযোগ্য নয় এবং ঘন মুদ্রিত সংবাদ পাঠ্য হিসেবে দেখানো হয়েছে এই প্রতিবেদনে বিস্তারিত বিবরণ রয়েছে যা স্ক্রিনশটে পাঠযোগ্য নয় এবং ঘন মুদ্রিত সংবাদ পাঠ্য হিসেবে দেখানো হয়েছে এই প্রতিবেদনে বিস্তারিত বিবরণ রয়েছে যা স্ক্রিনশটে পাঠযোগ্য নয় এবং ঘন মুদ্রিত সংবাদ পাঠ্য হিসেবে দেখানো হয়েছে এই প্রতিবেদনে বিস্তারিত বিবরণ রয়েছে যা স্ক্রিনশটে পাঠযোগ্য নয় এবং ঘন মুদ্রিত সংবাদ পাঠ্য হিসেবে দেখানো হয়েছে এই প্রতিবেদনে বিস্তারিত বিবরণ রয়েছে যা স্ক্রিনশটে পাঠযোগ্য নয় এবং ঘন মুদ্রিত সংবাদ পাঠ্য হিসেবে দেখানো হয়েছে এই প্রতিবেদনে বিস্তারিত বিবরণ রয়েছে যা স্ক্রিনশটে পাঠযোগ্য নয় এবং ঘন মুদ্রিত সংবাদ পাঠ্য হিসেবে দেখানো হয়েছে এই প্রতিবেদনে বিস্তারিত বিবরণ রয়েছে যা স্ক্রিনশটে পাঠযোগ্য নয় এবং ঘন মুদ্রিত সংবাদ পাঠ্য হিসেবে দেখানো হয়েছে এই প্রতিবেদনে বিস্তারিত বিবরণ রয়েছে যা স্ক্রিনশটে পাঠযোগ্য নয় এবং ঘন মুদ্রিত সংবাদ পাঠ্য হিসেবে দেখানো হয়েছে এই প্রতিবেদনে বিস্তারিত বিবরণ রয়েছে যা স্ক্রিনশটে পাঠযোগ্য নয় এবং ঘন মুদ্রিত সংবাদ পাঠ্য হিসেবে দেখানো হয়েছে এই প্রতিবেদনে বিস্তারিত বিবরণ রয়েছে যা স্ক্রিনশটে পাঠযোগ্য নয় এবং ঘন মুদ্রিত সংবাদ পাঠ্য হিসেবে দেখানো হয়েছে এই প্রতিবেদনে বিস্তারিত বিবরণ রয়েছে যা স্ক্রিনশটে পাঠযোগ্য নয় এবং ঘন মুদ্রিত সংবাদ পাঠ্য হিসেবে দেখানো হয়েছে এই প্রতিবেদনে বিস্তারিত বিবরণ রয়েছে যা স্ক্রিনশটে পাঠযোগ্য নয় এবং ঘন মুদ্রিত সংবাদ পাঠ্য হিসেবে দেখানো হয়েছে এই
মানুষের চিরী আর্জিয়ানে প্রদাতাদের
এই প্রতিবেদনে বিস্তারিত বিবরণ রয়েছে যা স্ক্রিনশটে পাঠযোগ্য নয় এবং ঘন মুদ্রিত সংবাদ পাঠ্য হিসেবে দেখানো হয়েছে এই প্রতিবেদনে বিস্তারিত বিবরণ রয়েছে যা স্ক্রিনশটে পাঠযোগ্য নয় এবং ঘন মুদ্রিত সংবাদ পাঠ্য হিসেবে দেখানো হয়েছে এই প্রতিবেদনে বিস্তারিত বিবরণ রয়েছে যা স্ক্রিনশটে পাঠযোগ্য নয় এবং ঘন মুদ্রিত সংবাদ পাঠ্য হিসেবে দেখানো হয়েছে এই প্রতিবেদনে বিস্তারিত বিবরণ রয়েছে যা স্ক্রিনশটে পাঠযোগ্য নয় এবং ঘন মুদ্রিত সংবাদ পাঠ্য হিসেবে দেখানো হয়েছে এই প্রতিবেদনে বিস্তারিত বিবরণ রয়েছে যা স্ক্রিনশটে পাঠযোগ্য নয় এবং ঘন মুদ্রিত সংবাদ পাঠ্য হিসেবে দেখানো হয়েছে এই প্রতিবেদনে বিস্তারিত বিবরণ রয়েছে যা স্ক্রিনশটে পাঠযোগ্য নয় এবং ঘন মুদ্রিত সংবাদ পাঠ্য হিসেবে দেখানো হয়েছে এই প্রতিবেদনে বিস্তারিত বিবরণ রয়েছে যা স্ক্রিনশটে পাঠযোগ্য নয় এবং ঘন মুদ্রিত সংবাদ পাঠ্য হিসেবে দেখানো হয়েছে এই প্রতিবেদনে বিস্তারিত বিবরণ রয়েছে যা স্ক্রিনশটে পাঠযোগ্য নয় এবং ঘন মুদ্রিত সংবাদ পাঠ্য হিসেবে দেখানো হয়েছে এই
রংপুরে মেলুকের ওপর আরীব সংগঠ
এই প্রতিবেদনে বিস্তারিত বিবরণ রয়েছে যা স্ক্রিনশটে পাঠযোগ্য নয় এবং ঘন মুদ্রিত সংবাদ পাঠ্য হিসেবে দেখানো হয়েছে এই প্রতিবেদনে বিস্তারিত বিবরণ রয়েছে যা স্ক্রিনশটে পাঠযোগ্য নয় এবং ঘন মুদ্রিত সংবাদ পাঠ্য হিসেবে দেখানো হয়েছে এই প্রতিবেদনে বিস্তারিত বিবরণ রয়েছে যা স্ক্রিনশটে পাঠযোগ্য নয় এবং ঘন মুদ্রিত সংবাদ পাঠ্য হিসেবে দেখানো হয়েছে এই প্রতিবেদনে বিস্তারিত বিবরণ রয়েছে যা স্ক্রিনশটে পাঠযোগ্য নয় এবং ঘন মুদ্রিত সংবাদ পাঠ্য হিসেবে দেখানো হয়েছে এই প্রতিবেদনে বিস্তারিত বিবরণ রয়েছে যা স্ক্রিনশটে পাঠযোগ্য নয় এবং ঘন মুদ্রিত সংবাদ পাঠ্য হিসেবে দেখানো হয়েছে এই প্রতিবেদনে বিস্তারিত বিবরণ রয়েছে যা স্ক্রিনশটে পাঠযোগ্য নয় এবং ঘন মুদ্রিত সংবাদ পাঠ্য হিসেবে দেখানো হয়েছে এই প্রতিবেদনে বিস্তারিত বিবরণ রয়েছে যা স্ক্রিনশটে পাঠযোগ্য নয় এবং ঘন মুদ্রিত সংবাদ পাঠ্য হিসেবে দেখানো হয়েছে এই প্রতিবেদনে বিস্তারিত বিবরণ রয়েছে যা স্ক্রিনশটে পাঠযোগ্য নয় এবং ঘন মুদ্রিত সংবাদ পাঠ্য হিসেবে দেখানো হয়েছে এই প্রতিবেদনে বিস্তারিত বিবরণ রয়েছে যা স্ক্রিনশটে পাঠযোগ্য নয় এবং ঘন মুদ্রিত সংবাদ পাঠ্য হিসেবে দেখানো হয়েছে এই প্রতিবেদনে বিস্তারিত বিবরণ রয়েছে যা স্ক্রিনশটে পাঠযোগ্য নয় এবং ঘন মুদ্রিত সংবাদ পাঠ্য হিসেবে দেখানো হয়েছে এই প্রতিবেদনে বিস্তারিত বিবরণ রয়েছে যা স্ক্রিনশটে পাঠযোগ্য নয় এবং ঘন মুদ্রিত সংবাদ পাঠ্য হিসেবে দেখানো হয়েছে এই প্রতিবেদনে বিস্তারিত বিবরণ রয়েছে যা স্ক্রিনশটে পাঠযোগ্য নয় এবং ঘন মুদ্রিত সংবাদ পাঠ্য হিসেবে দেখানো হয়েছে এই প্রতিবেদনে বিস্তারিত বিবরণ রয়েছে যা স্ক্রিনশটে পাঠযোগ্য নয় এবং ঘন মুদ্রিত সংবাদ পাঠ্য হিসেবে দেখানো হয়েছে এই প্রতিবেদনে বিস্তারিত বিবরণ রয়েছে যা স্ক্রিনশটে পাঠযোগ্য নয় এবং ঘন মুদ্রিত সংবাদ পাঠ্য হিসেবে দেখানো হয়েছে এই প্রতিবেদনে বিস্তারিত বিবরণ রয়েছে যা স্ক্রিনশটে পাঠযোগ্য নয়
